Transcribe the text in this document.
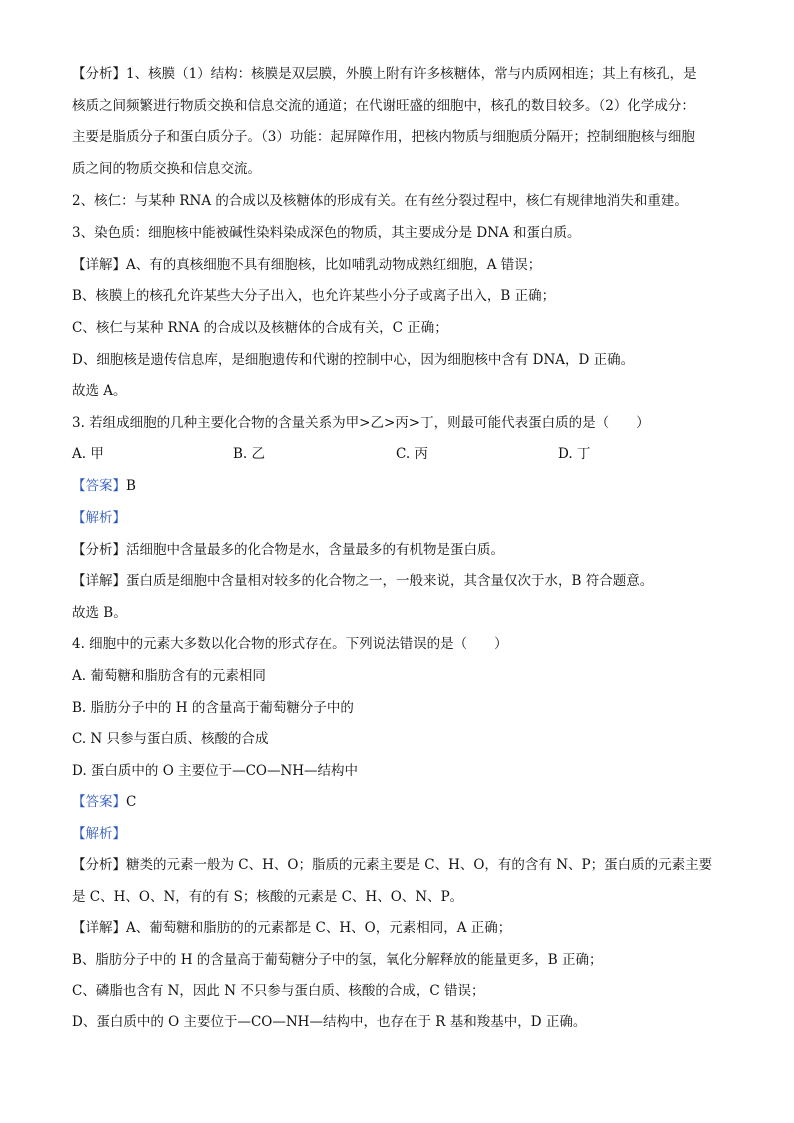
【分析】1、核膜（1）结构：核膜是双层膜，外膜上附有许多核糖体，常与内质网相连；其上有核孔，是
核质之间频繁进行物质交换和信息交流的通道；在代谢旺盛的细胞中，核孔的数目较多。（2）化学成分：
主要是脂质分子和蛋白质分子。（3）功能：起屏障作用，把核内物质与细胞质分隔开；控制细胞核与细胞
质之间的物质交换和信息交流。
2、核仁：与某种 RNA 的合成以及核糖体的形成有关。在有丝分裂过程中，核仁有规律地消失和重建。
3、染色质：细胞核中能被碱性染料染成深色的物质，其主要成分是 DNA 和蛋白质。
【详解】A、有的真核细胞不具有细胞核，比如哺乳动物成熟红细胞，A 错误；
B、核膜上的核孔允许某些大分子出入，也允许某些小分子或离子出入，B 正确；
C、核仁与某种 RNA 的合成以及核糖体的合成有关，C 正确；
D、细胞核是遗传信息库，是细胞遗传和代谢的控制中心，因为细胞核中含有 DNA，D 正确。
故选 A。
3. 若组成细胞的几种主要化合物的含量关系为甲>乙>丙>丁，则最可能代表蛋白质的是（　　）
A. 甲	B. 乙	C. 丙	D. 丁
【答案】B
【解析】
【分析】活细胞中含量最多的化合物是水，含量最多的有机物是蛋白质。
【详解】蛋白质是细胞中含量相对较多的化合物之一，一般来说，其含量仅次于水，B 符合题意。
故选 B。
4. 细胞中的元素大多数以化合物的形式存在。下列说法错误的是（　　）
A. 葡萄糖和脂肪含有的元素相同
B. 脂肪分子中的 H 的含量高于葡萄糖分子中的
C. N 只参与蛋白质、核酸的合成
D. 蛋白质中的 O 主要位于—CO—NH—结构中
【答案】C
【解析】
【分析】糖类的元素一般为 C、H、O；脂质的元素主要是 C、H、O，有的含有 N、P；蛋白质的元素主要
是 C、H、O、N，有的有 S；核酸的元素是 C、H、O、N、P。
【详解】A、葡萄糖和脂肪的的元素都是 C、H、O，元素相同，A 正确；
B、脂肪分子中的 H 的含量高于葡萄糖分子中的氢，氧化分解释放的能量更多，B 正确；
C、磷脂也含有 N，因此 N 不只参与蛋白质、核酸的合成，C 错误；
D、蛋白质中的 O 主要位于—CO—NH—结构中，也存在于 R 基和羧基中，D 正确。
